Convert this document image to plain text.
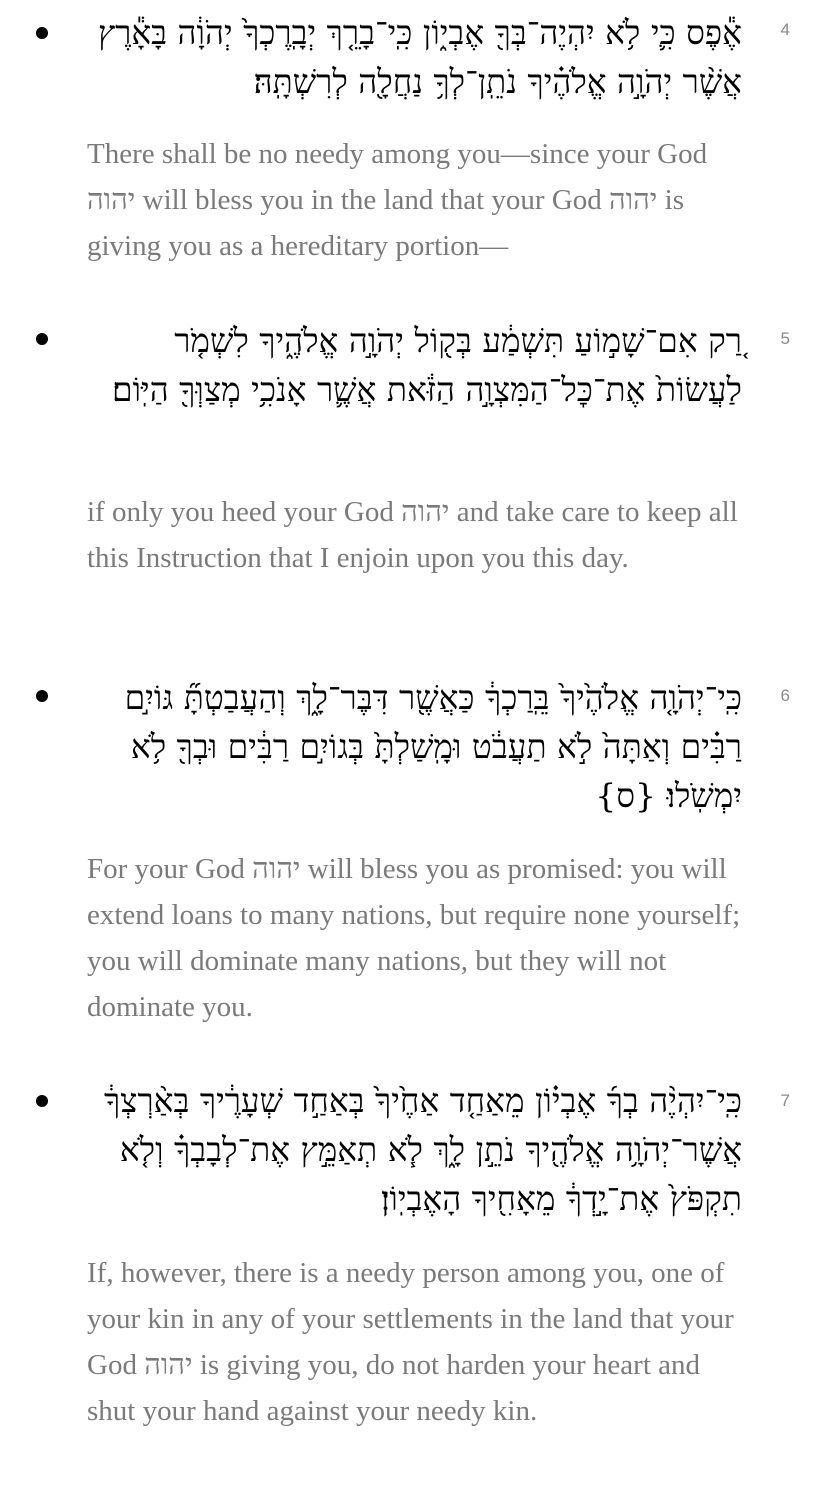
4
אֶ֕פֶס כִּ֛י לֹ֥א יִהְיֶה־בְּךָ֖ אֶבְי֑וֹן כִּֽי־בָרֵ֤ךְ יְבָֽרֶכְךָ֙ יְהֹוָ֔ה בָּאָ֕רֶץ אֲשֶׁ֨ר יְהֹוָ֣ה אֱלֹהֶ֗יךָ נֹתֵֽן־לְךָ֥ נַחֲלָ֖ה לְרִשְׁתָּֽהּ׃
There shall be no needy among you—since your God יהוה will bless you in the land that your God יהוה is giving you as a hereditary portion—
5
רַ֚ק אִם־שָׁמ֣וֹעַ תִּשְׁמַ֔ע בְּק֖וֹל יְהֹוָ֣ה אֱלֹהֶ֑יךָ לִשְׁמֹ֤ר לַעֲשׂוֹת֙ אֶת־כׇּל־הַמִּצְוָ֣ה הַזֹּ֔את אֲשֶׁ֛ר אָנֹכִ֥י מְצַוְּךָ֖ הַיּֽוֹם׃
if only you heed your God יהוה and take care to keep all this Instruction that I enjoin upon you this day.
6
כִּֽי־יְהֹוָ֤ה אֱלֹהֶ֙יךָ֙ בֵּֽרַכְךָ֔ כַּאֲשֶׁ֖ר דִּבֶּר־לָ֑ךְ וְהַעֲבַטְתָּ֞ גּוֹיִ֣ם רַבִּ֗ים וְאַתָּה֙ לֹ֣א תַעֲבֹ֔ט וּמָֽשַׁלְתָּ֙ בְּגוֹיִ֣ם רַבִּ֔ים וּבְךָ֖ לֹ֥א יִמְשֹֽׁלוּ׃ {ס}
For your God יהוה will bless you as promised: you will extend loans to many nations, but require none yourself; you will dominate many nations, but they will not dominate you.
7
כִּֽי־יִהְיֶ֨ה בְךָ֜ אֶבְי֗וֹן מֵאַחַ֤ד אַחֶ֙יךָ֙ בְּאַחַ֣ד שְׁעָרֶ֔יךָ בְּאַ֨רְצְךָ֔ אֲשֶׁר־יְהֹוָ֥ה אֱלֹהֶ֖יךָ נֹתֵ֣ן לָ֑ךְ לֹ֧א תְאַמֵּ֣ץ אֶת־לְבָבְךָ֗ וְלֹ֤א תִקְפֹּץ֙ אֶת־יָ֣דְךָ֔ מֵאָחִ֖יךָ הָאֶבְיֽוֹן׃
If, however, there is a needy person among you, one of your kin in any of your settlements in the land that your God יהוה is giving you, do not harden your heart and shut your hand against your needy kin.
